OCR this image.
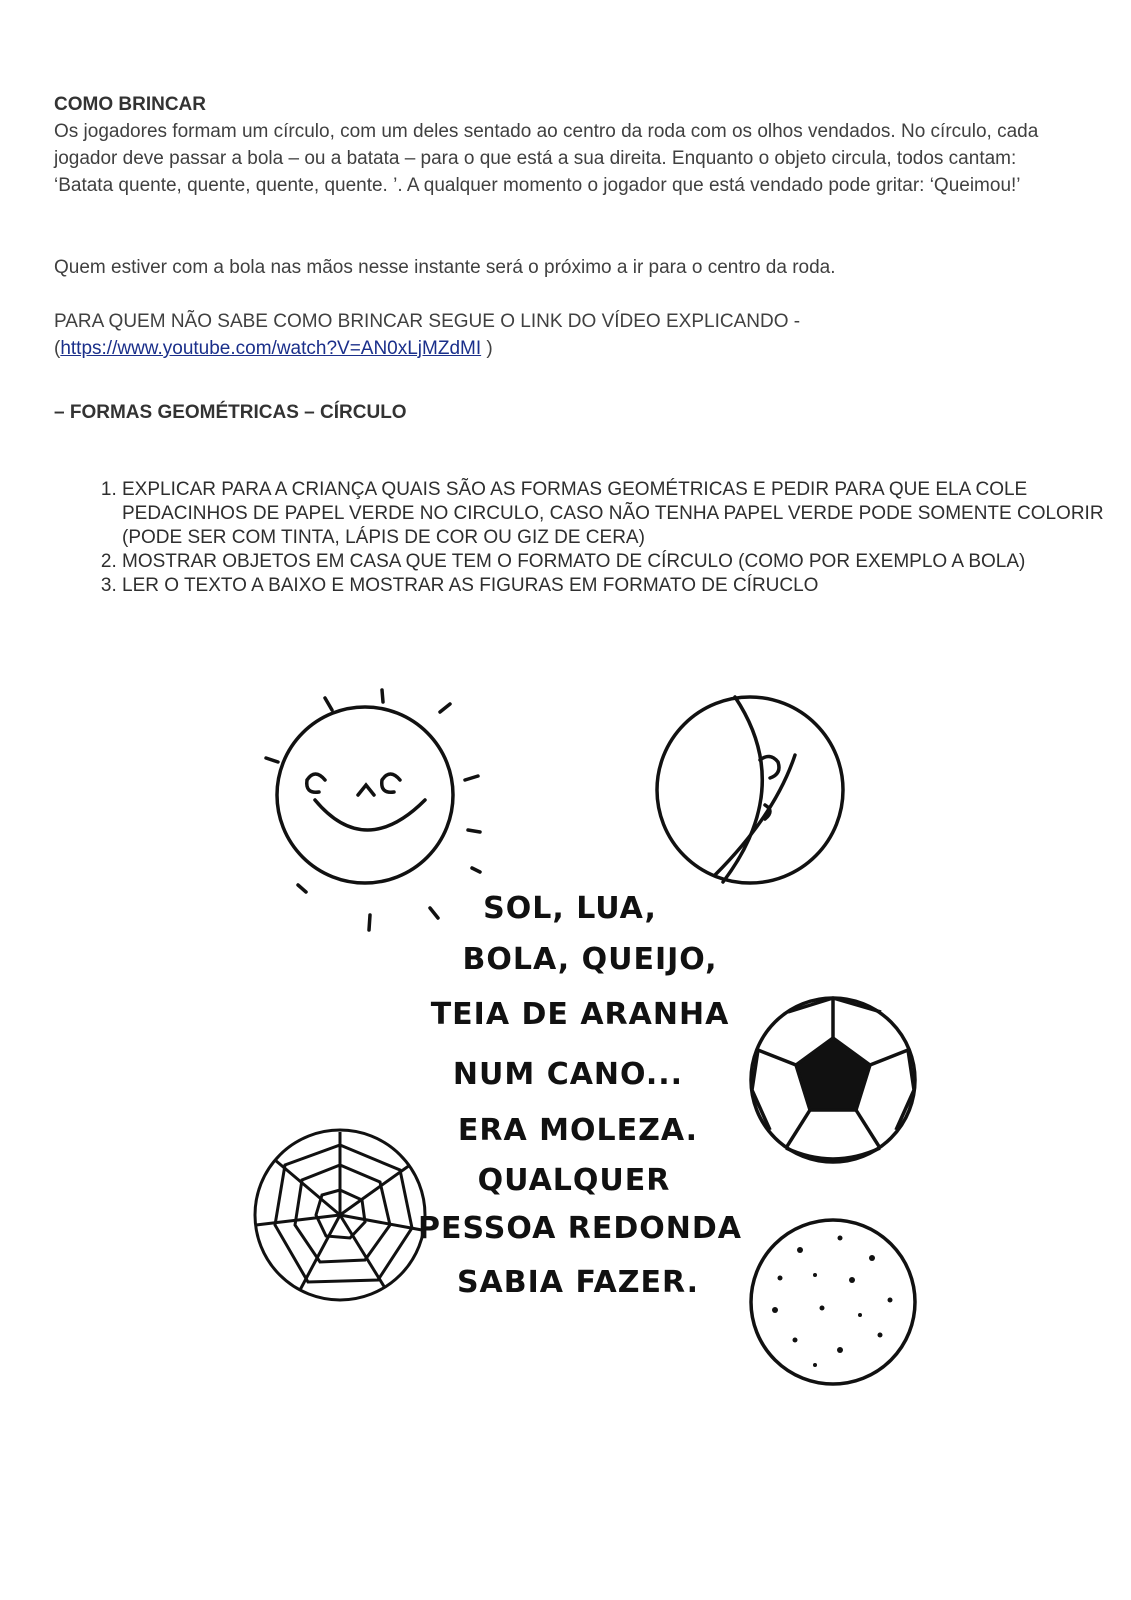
COMO BRINCAR
Os jogadores formam um círculo, com um deles sentado ao centro da roda com os olhos vendados. No círculo, cada jogador deve passar a bola – ou a batata – para o que está a sua direita. Enquanto o objeto circula, todos cantam: ‘Batata quente, quente, quente, quente. ’. A qualquer momento o jogador que está vendado pode gritar: ‘Queimou!’
Quem estiver com a bola nas mãos nesse instante será o próximo a ir para o centro da roda.
PARA QUEM NÃO SABE COMO BRINCAR SEGUE O LINK DO VÍDEO EXPLICANDO -
(https://www.youtube.com/watch?V=AN0xLjMZdMI )
– FORMAS GEOMÉTRICAS – CÍRCULO
1. EXPLICAR PARA A CRIANÇA QUAIS SÃO AS FORMAS GEOMÉTRICAS E PEDIR PARA QUE ELA COLE PEDACINHOS DE PAPEL VERDE NO CIRCULO, CASO NÃO TENHA PAPEL VERDE PODE SOMENTE COLORIR (PODE SER COM TINTA, LÁPIS DE COR OU GIZ DE CERA)
2. MOSTRAR OBJETOS EM CASA QUE TEM O FORMATO DE CÍRCULO (COMO POR EXEMPLO A BOLA)
3. LER O TEXTO A BAIXO E MOSTRAR AS FIGURAS EM FORMATO DE CÍRUCLO
SOL, LUA,
BOLA, QUEIJO,
TEIA DE ARANHA
NUM CANO...
ERA MOLEZA.
QUALQUER
PESSOA REDONDA
SABIA FAZER.
